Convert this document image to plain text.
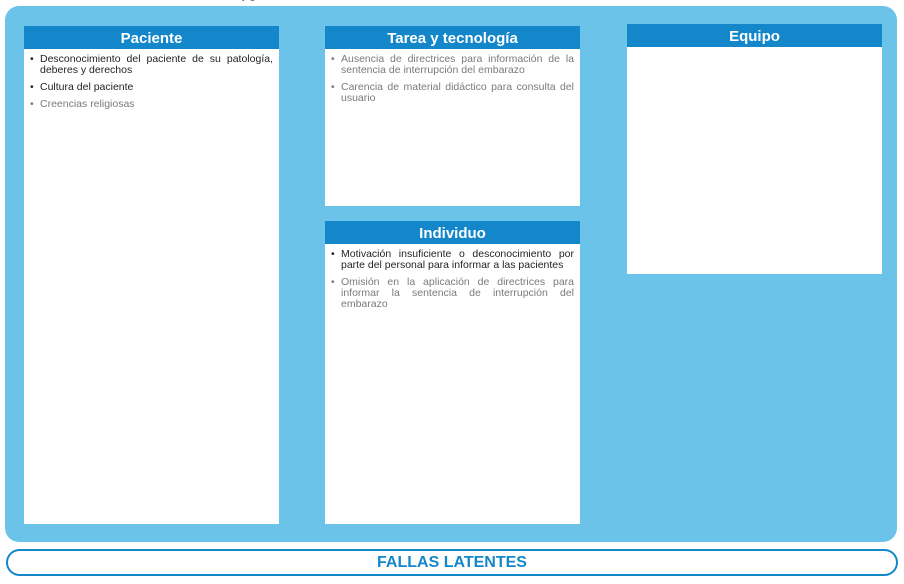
Paciente
• Desconocimiento del paciente de su patología, deberes y derechos
• Cultura del paciente
• Creencias religiosas
Tarea y tecnología
• Ausencia de directrices para información de la sentencia de interrupción del embarazo
• Carencia de material didáctico para consulta del usuario
Individuo
• Motivación insuficiente o desconocimiento por parte del personal para informar a las pacientes
• Omisión en la aplicación de directrices para informar la sentencia de interrupción del embarazo
Equipo
FALLAS LATENTES
